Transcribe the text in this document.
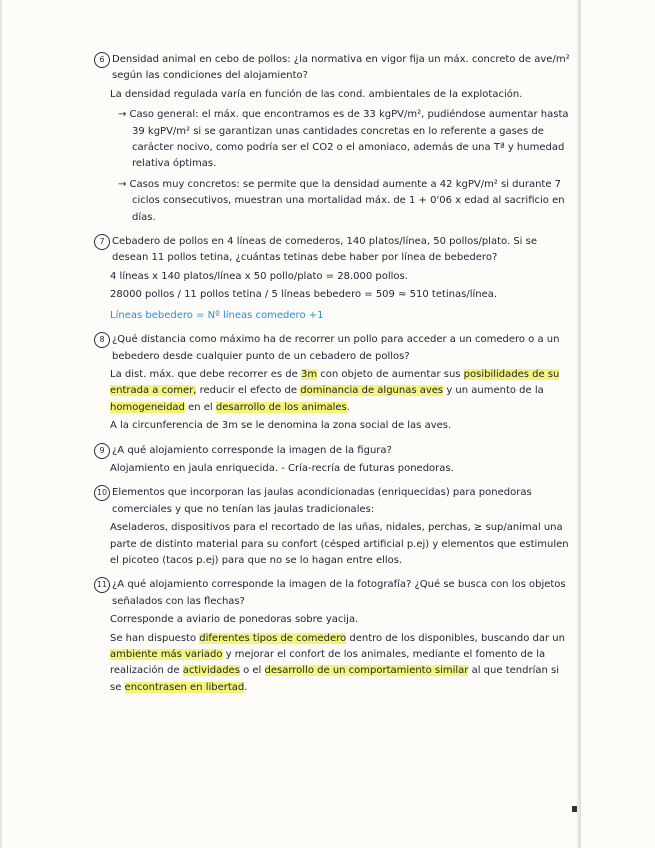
6 Densidad animal en cebo de pollos: ¿la normativa en vigor fija un máx. concreto de ave/m² según las condiciones del alojamiento?
La densidad regulada varía en función de las cond. ambientales de la explotación.
→ Caso general: el máx. que encontramos es de 33 kgPV/m², pudiéndose aumentar hasta 39 kgPV/m² si se garantizan unas cantidades concretas en lo referente a gases de carácter nocivo, como podría ser el CO2 o el amoniaco, además de una Tª y humedad relativa óptimas.
→ Casos muy concretos: se permite que la densidad aumente a 42 kgPV/m² si durante 7 ciclos consecutivos, muestran una mortalidad máx. de 1 + 0'06 x edad al sacrificio en días.
7 Cebadero de pollos en 4 líneas de comederos, 140 platos/línea, 50 pollos/plato. Si se desean 11 pollos tetina, ¿cuántas tetinas debe haber por línea de bebedero?
4 líneas x 140 platos/línea x 50 pollo/plato = 28.000 pollos.
28000 pollos / 11 pollos tetina / 5 líneas bebedero = 509 ≈ 510 tetinas/línea.
Líneas bebedero = Nº líneas comedero +1
8 ¿Qué distancia como máximo ha de recorrer un pollo para acceder a un comedero o a un bebedero desde cualquier punto de un cebadero de pollos?
La dist. máx. que debe recorrer es de 3m con objeto de aumentar sus posibilidades de su entrada a comer, reducir el efecto de dominancia de algunas aves y un aumento de la homogeneidad en el desarrollo de los animales.
A la circunferencia de 3m se le denomina la zona social de las aves.
9 ¿A qué alojamiento corresponde la imagen de la figura?
Alojamiento en jaula enriquecida. - Cría-recría de futuras ponedoras.
10 Elementos que incorporan las jaulas acondicionadas (enriquecidas) para ponedoras comerciales y que no tenían las jaulas tradicionales:
Aseladeros, dispositivos para el recortado de las uñas, nidales, perchas, ≥ sup/animal una parte de distinto material para su confort (césped artificial p.ej) y elementos que estimulen el picoteo (tacos p.ej) para que no se lo hagan entre ellos.
11 ¿A qué alojamiento corresponde la imagen de la fotografía? ¿Qué se busca con los objetos señalados con las flechas?
Corresponde a aviario de ponedoras sobre yacija.
Se han dispuesto diferentes tipos de comedero dentro de los disponibles, buscando dar un ambiente más variado y mejorar el confort de los animales, mediante el fomento de la realización de actividades o el desarrollo de un comportamiento similar al que tendrían si se encontrasen en libertad.
